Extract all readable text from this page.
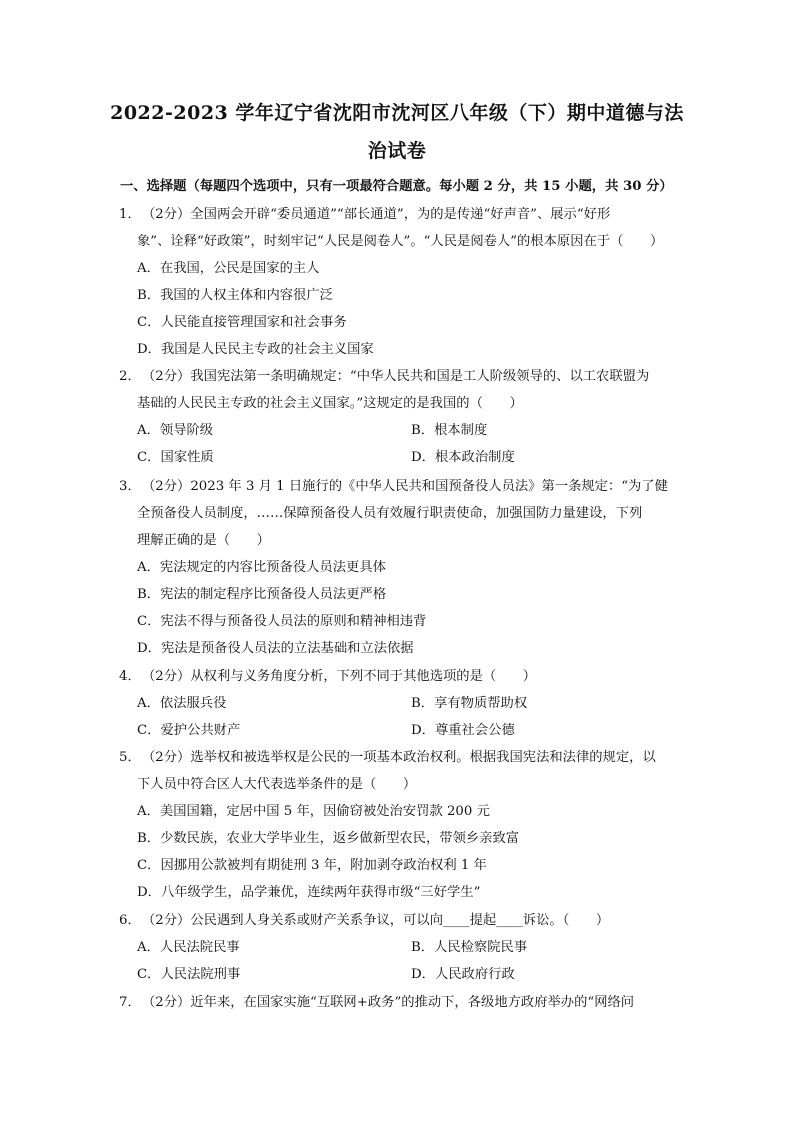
2022-2023 学年辽宁省沈阳市沈河区八年级（下）期中道德与法
治试卷
一、选择题（每题四个选项中，只有一项最符合题意。每小题 2 分，共 15 小题，共 30 分）
1． （2分）全国两会开辟“委员通道”“部长通道”，为的是传递“好声音”、展示“好形
象”、诠释“好政策”，时刻牢记“人民是阅卷人”。“人民是阅卷人”的根本原因在于（　　）
A．在我国，公民是国家的主人
B．我国的人权主体和内容很广泛
C．人民能直接管理国家和社会事务
D．我国是人民民主专政的社会主义国家
2． （2分）我国宪法第一条明确规定：“中华人民共和国是工人阶级领导的、以工农联盟为
基础的人民民主专政的社会主义国家。”这规定的是我国的（　　）
A．领导阶级	B．根本制度
C．国家性质	D．根本政治制度
3． （2分）2023 年 3 月 1 日施行的《中华人民共和国预备役人员法》第一条规定：“为了健
全预备役人员制度，……保障预备役人员有效履行职责使命，加强国防力量建设，下列
理解正确的是（　　）
A．宪法规定的内容比预备役人员法更具体
B．宪法的制定程序比预备役人员法更严格
C．宪法不得与预备役人员法的原则和精神相违背
D．宪法是预备役人员法的立法基础和立法依据
4． （2分）从权利与义务角度分析，下列不同于其他选项的是（　　）
A．依法服兵役	B．享有物质帮助权
C．爱护公共财产	D．尊重社会公德
5． （2分）选举权和被选举权是公民的一项基本政治权利。根据我国宪法和法律的规定，以
下人员中符合区人大代表选举条件的是（　　）
A．美国国籍，定居中国 5 年，因偷窃被处治安罚款 200 元
B．少数民族，农业大学毕业生，返乡做新型农民，带领乡亲致富
C．因挪用公款被判有期徒刑 3 年，附加剥夺政治权利 1 年
D．八年级学生，品学兼优，连续两年获得市级“三好学生”
6． （2分）公民遇到人身关系或财产关系争议，可以向____提起____诉讼。（　　）
A．人民法院民事	B．人民检察院民事
C．人民法院刑事	D．人民政府行政
7． （2分）近年来，在国家实施“互联网+政务”的推动下，各级地方政府举办的“网络问
